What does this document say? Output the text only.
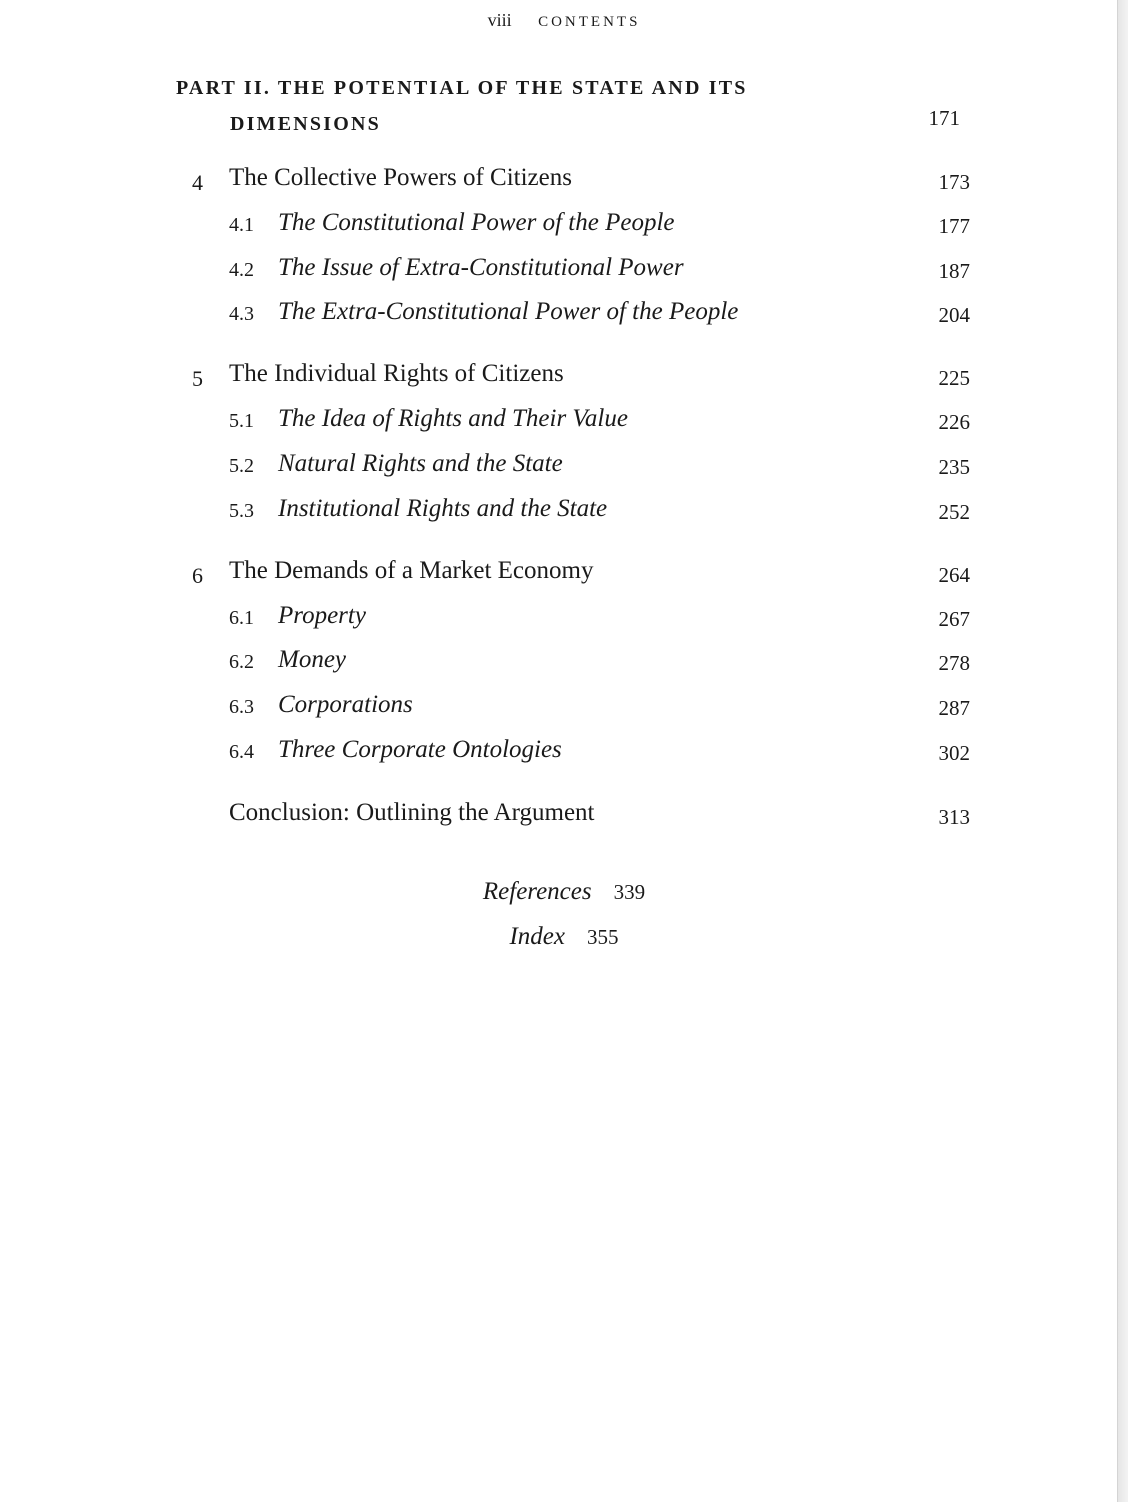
viii CONTENTS
PART II. THE POTENTIAL OF THE STATE AND ITS
DIMENSIONS	171
4 The Collective Powers of Citizens	173
4.1 The Constitutional Power of the People	177
4.2 The Issue of Extra-Constitutional Power	187
4.3 The Extra-Constitutional Power of the People	204
5 The Individual Rights of Citizens	225
5.1 The Idea of Rights and Their Value	226
5.2 Natural Rights and the State	235
5.3 Institutional Rights and the State	252
6 The Demands of a Market Economy	264
6.1 Property	267
6.2 Money	278
6.3 Corporations	287
6.4 Three Corporate Ontologies	302
Conclusion: Outlining the Argument	313
References 339
Index 355
